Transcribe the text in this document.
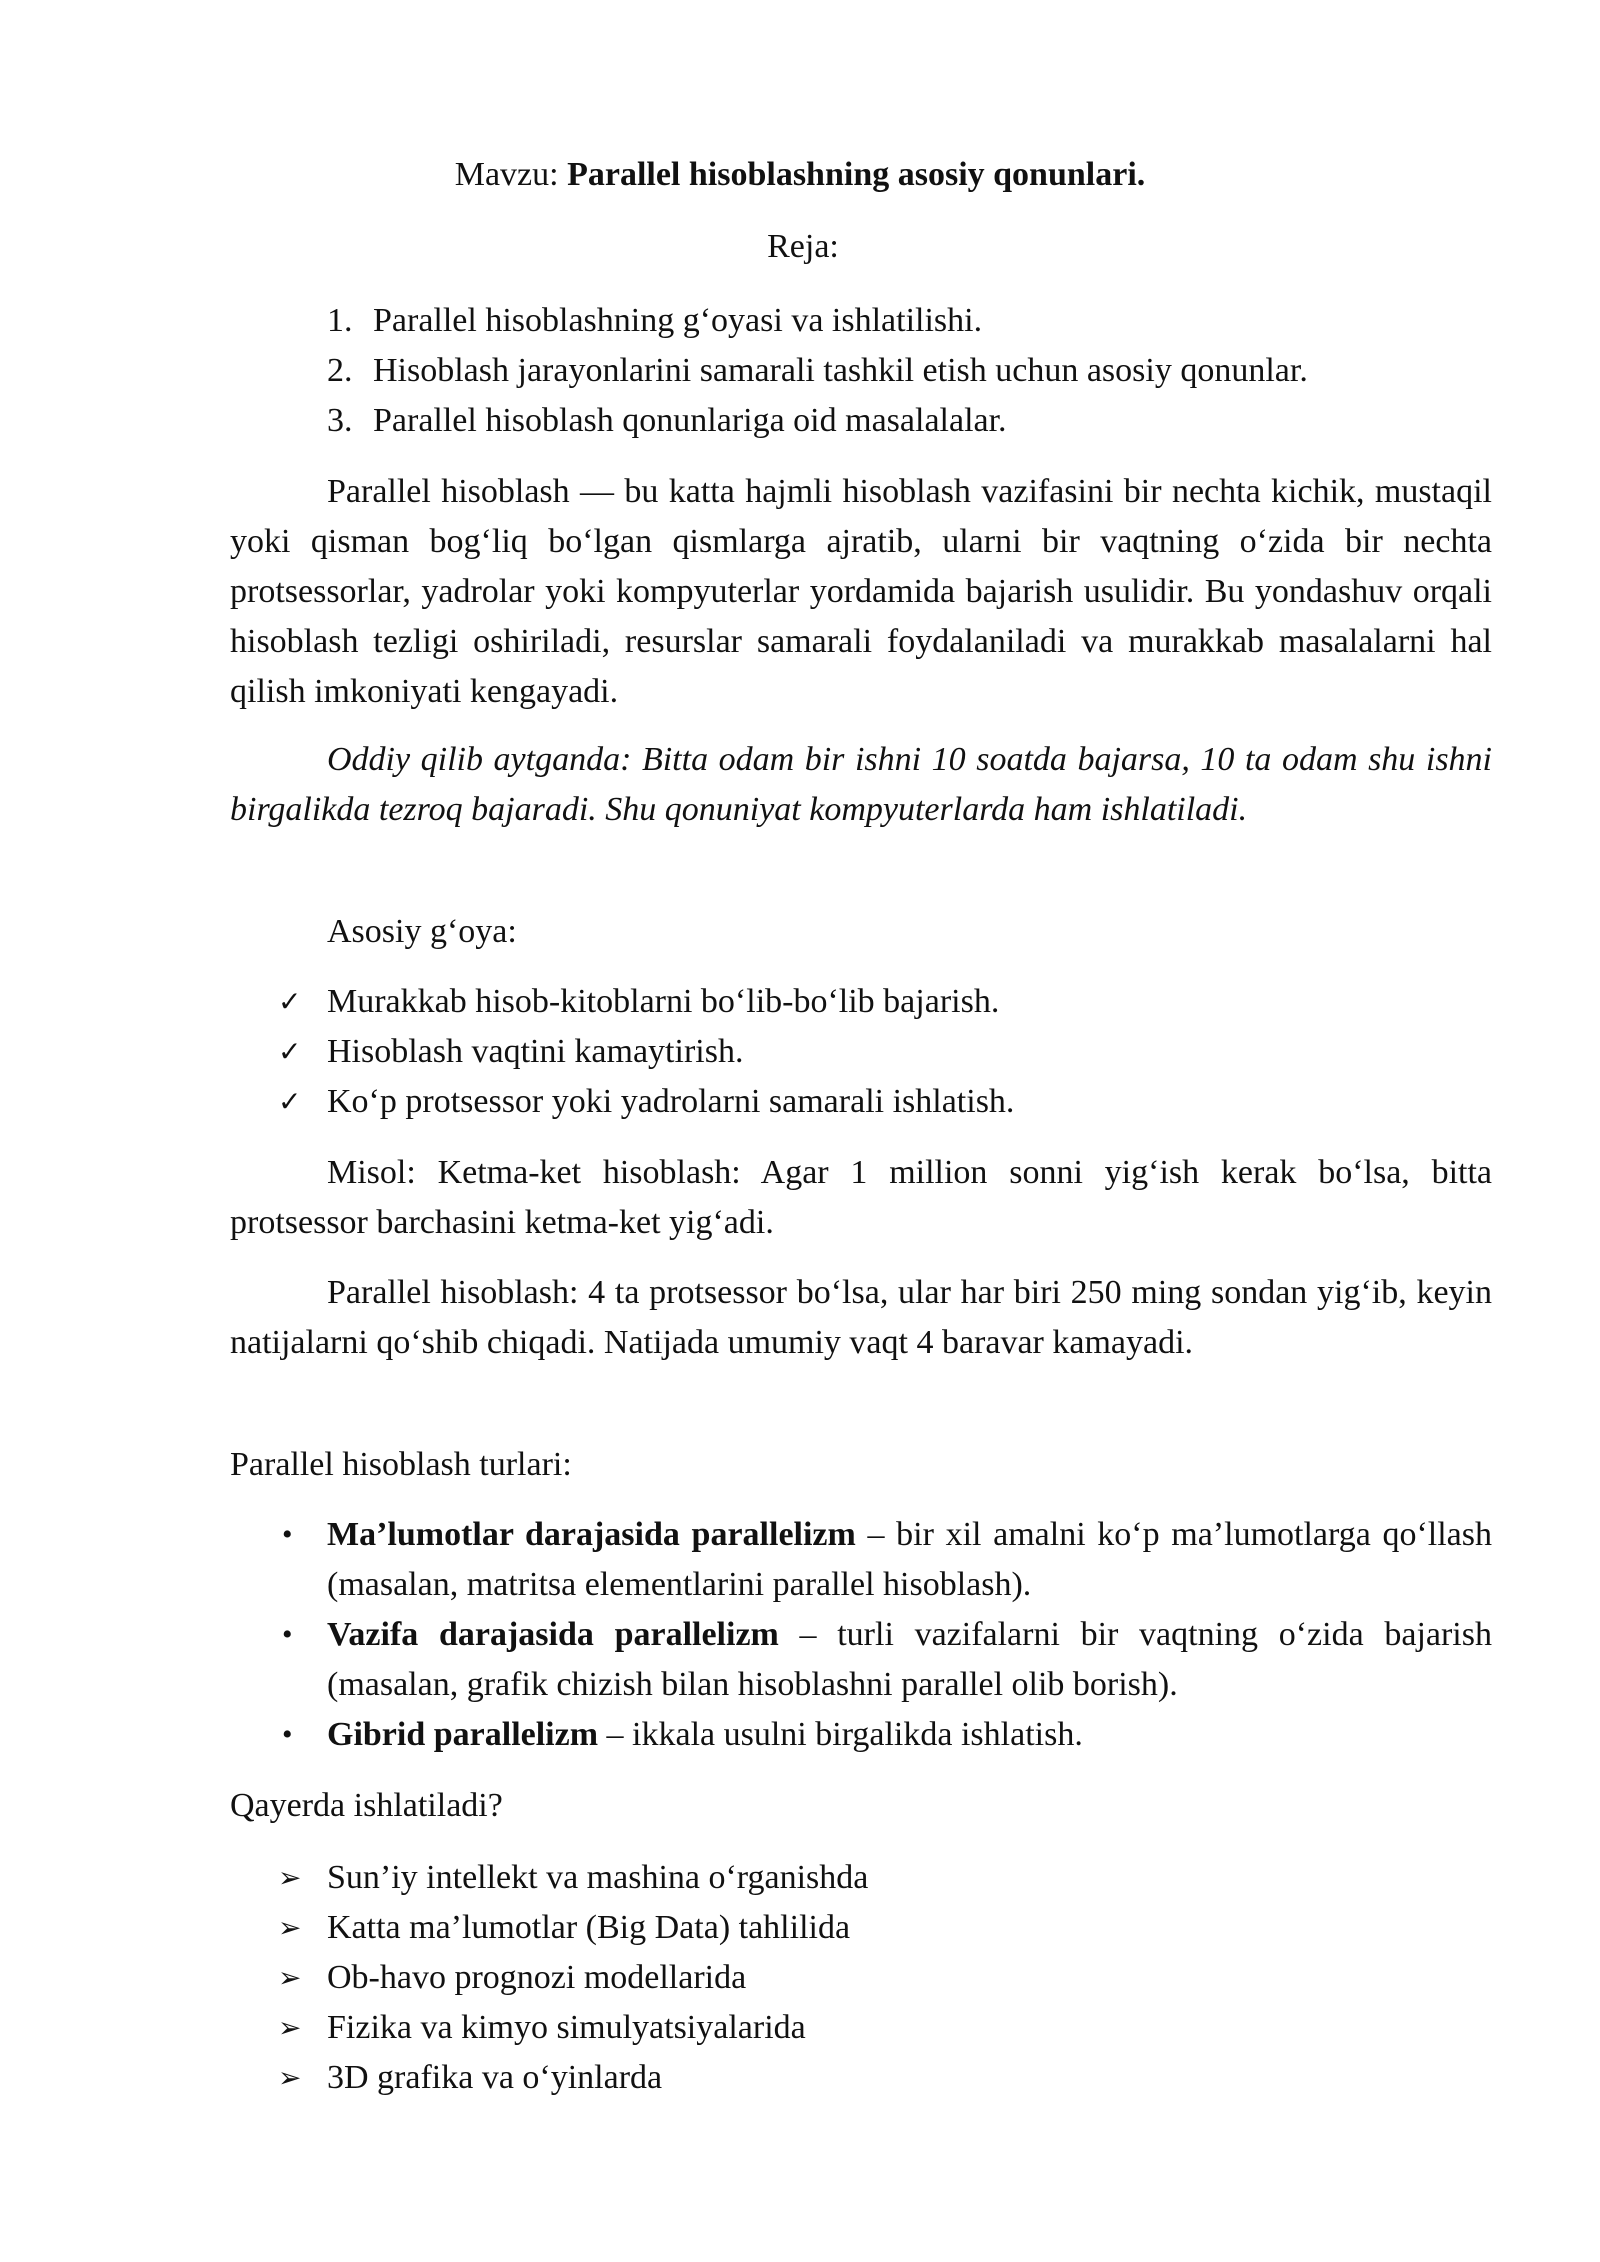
Mavzu: Parallel hisoblashning asosiy qonunlari.
Reja:
1. Parallel hisoblashning g‘oyasi va ishlatilishi.
2. Hisoblash jarayonlarini samarali tashkil etish uchun asosiy qonunlar.
3. Parallel hisoblash qonunlariga oid masalalalar.
Parallel hisoblash — bu katta hajmli hisoblash vazifasini bir nechta kichik, mustaqil yoki qisman bog‘liq bo‘lgan qismlarga ajratib, ularni bir vaqtning o‘zida bir nechta protsessorlar, yadrolar yoki kompyuterlar yordamida bajarish usulidir. Bu yondashuv orqali hisoblash tezligi oshiriladi, resurslar samarali foydalaniladi va murakkab masalalarni hal qilish imkoniyati kengayadi.
Oddiy qilib aytganda: Bitta odam bir ishni 10 soatda bajarsa, 10 ta odam shu ishni birgalikda tezroq bajaradi. Shu qonuniyat kompyuterlarda ham ishlatiladi.
Asosiy g‘oya:
✓ Murakkab hisob-kitoblarni bo‘lib-bo‘lib bajarish.
✓ Hisoblash vaqtini kamaytirish.
✓ Ko‘p protsessor yoki yadrolarni samarali ishlatish.
Misol: Ketma-ket hisoblash: Agar 1 million sonni yig‘ish kerak bo‘lsa, bitta protsessor barchasini ketma-ket yig‘adi.
Parallel hisoblash: 4 ta protsessor bo‘lsa, ular har biri 250 ming sondan yig‘ib, keyin natijalarni qo‘shib chiqadi. Natijada umumiy vaqt 4 baravar kamayadi.
Parallel hisoblash turlari:
• Ma’lumotlar darajasida parallelizm – bir xil amalni ko‘p ma’lumotlarga qo‘llash (masalan, matritsa elementlarini parallel hisoblash).
• Vazifa darajasida parallelizm – turli vazifalarni bir vaqtning o‘zida bajarish (masalan, grafik chizish bilan hisoblashni parallel olib borish).
• Gibrid parallelizm – ikkala usulni birgalikda ishlatish.
Qayerda ishlatiladi?
➢ Sun’iy intellekt va mashina o‘rganishda
➢ Katta ma’lumotlar (Big Data) tahlilida
➢ Ob-havo prognozi modellarida
➢ Fizika va kimyo simulyatsiyalarida
➢ 3D grafika va o‘yinlarda
